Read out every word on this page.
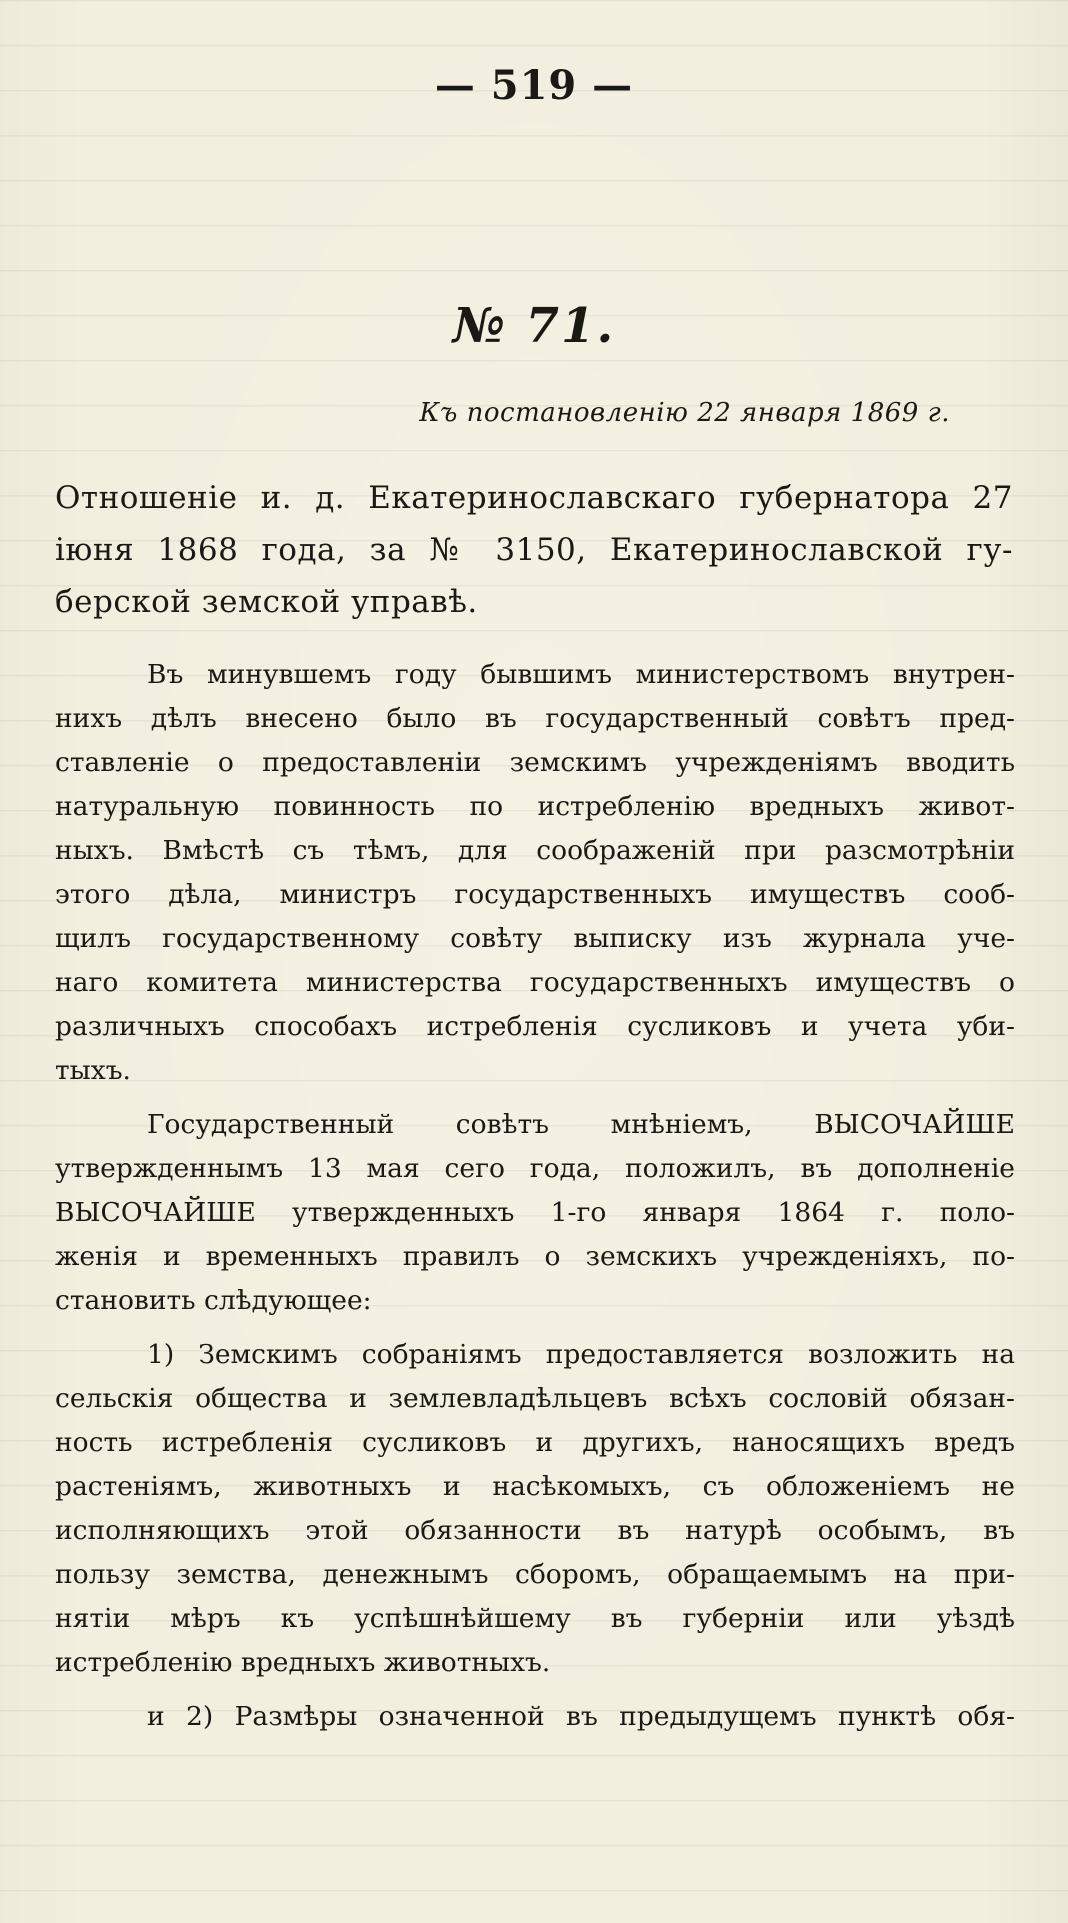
— 519 —
№ 71.
Къ постановленію 22 января 1869 г.
Отношеніе и. д. Екатеринославскаго губернатора 27
іюня 1868 года, за № 3150, Екатеринославской гу-
берской земской управѣ.
Въ минувшемъ году бывшимъ министерствомъ внутрен-
нихъ дѣлъ внесено было въ государственный совѣтъ пред-
ставленіе о предоставленіи земскимъ учрежденіямъ вводить
натуральную повинность по истребленію вредныхъ живот-
ныхъ. Вмѣстѣ съ тѣмъ, для соображеній при разсмотрѣніи
этого дѣла, министръ государственныхъ имуществъ сооб-
щилъ государственному совѣту выписку изъ журнала уче-
наго комитета министерства государственныхъ имуществъ о
различныхъ способахъ истребленія сусликовъ и учета уби-
тыхъ.
Государственный совѣтъ мнѣніемъ, ВЫСОЧАЙШЕ
утвержденнымъ 13 мая сего года, положилъ, въ дополненіе
ВЫСОЧАЙШЕ утвержденныхъ 1-го января 1864 г. поло-
женія и временныхъ правилъ о земскихъ учрежденіяхъ, по-
становить слѣдующее:
1) Земскимъ собраніямъ предоставляется возложить на
сельскія общества и землевладѣльцевъ всѣхъ сословій обязан-
ность истребленія сусликовъ и другихъ, наносящихъ вредъ
растеніямъ, животныхъ и насѣкомыхъ, съ обложеніемъ не
исполняющихъ этой обязанности въ натурѣ особымъ, въ
пользу земства, денежнымъ сборомъ, обращаемымъ на при-
нятіи мѣръ къ успѣшнѣйшему въ губерніи или уѣздѣ
истребленію вредныхъ животныхъ.
и 2) Размѣры означенной въ предыдущемъ пунктѣ обя-
